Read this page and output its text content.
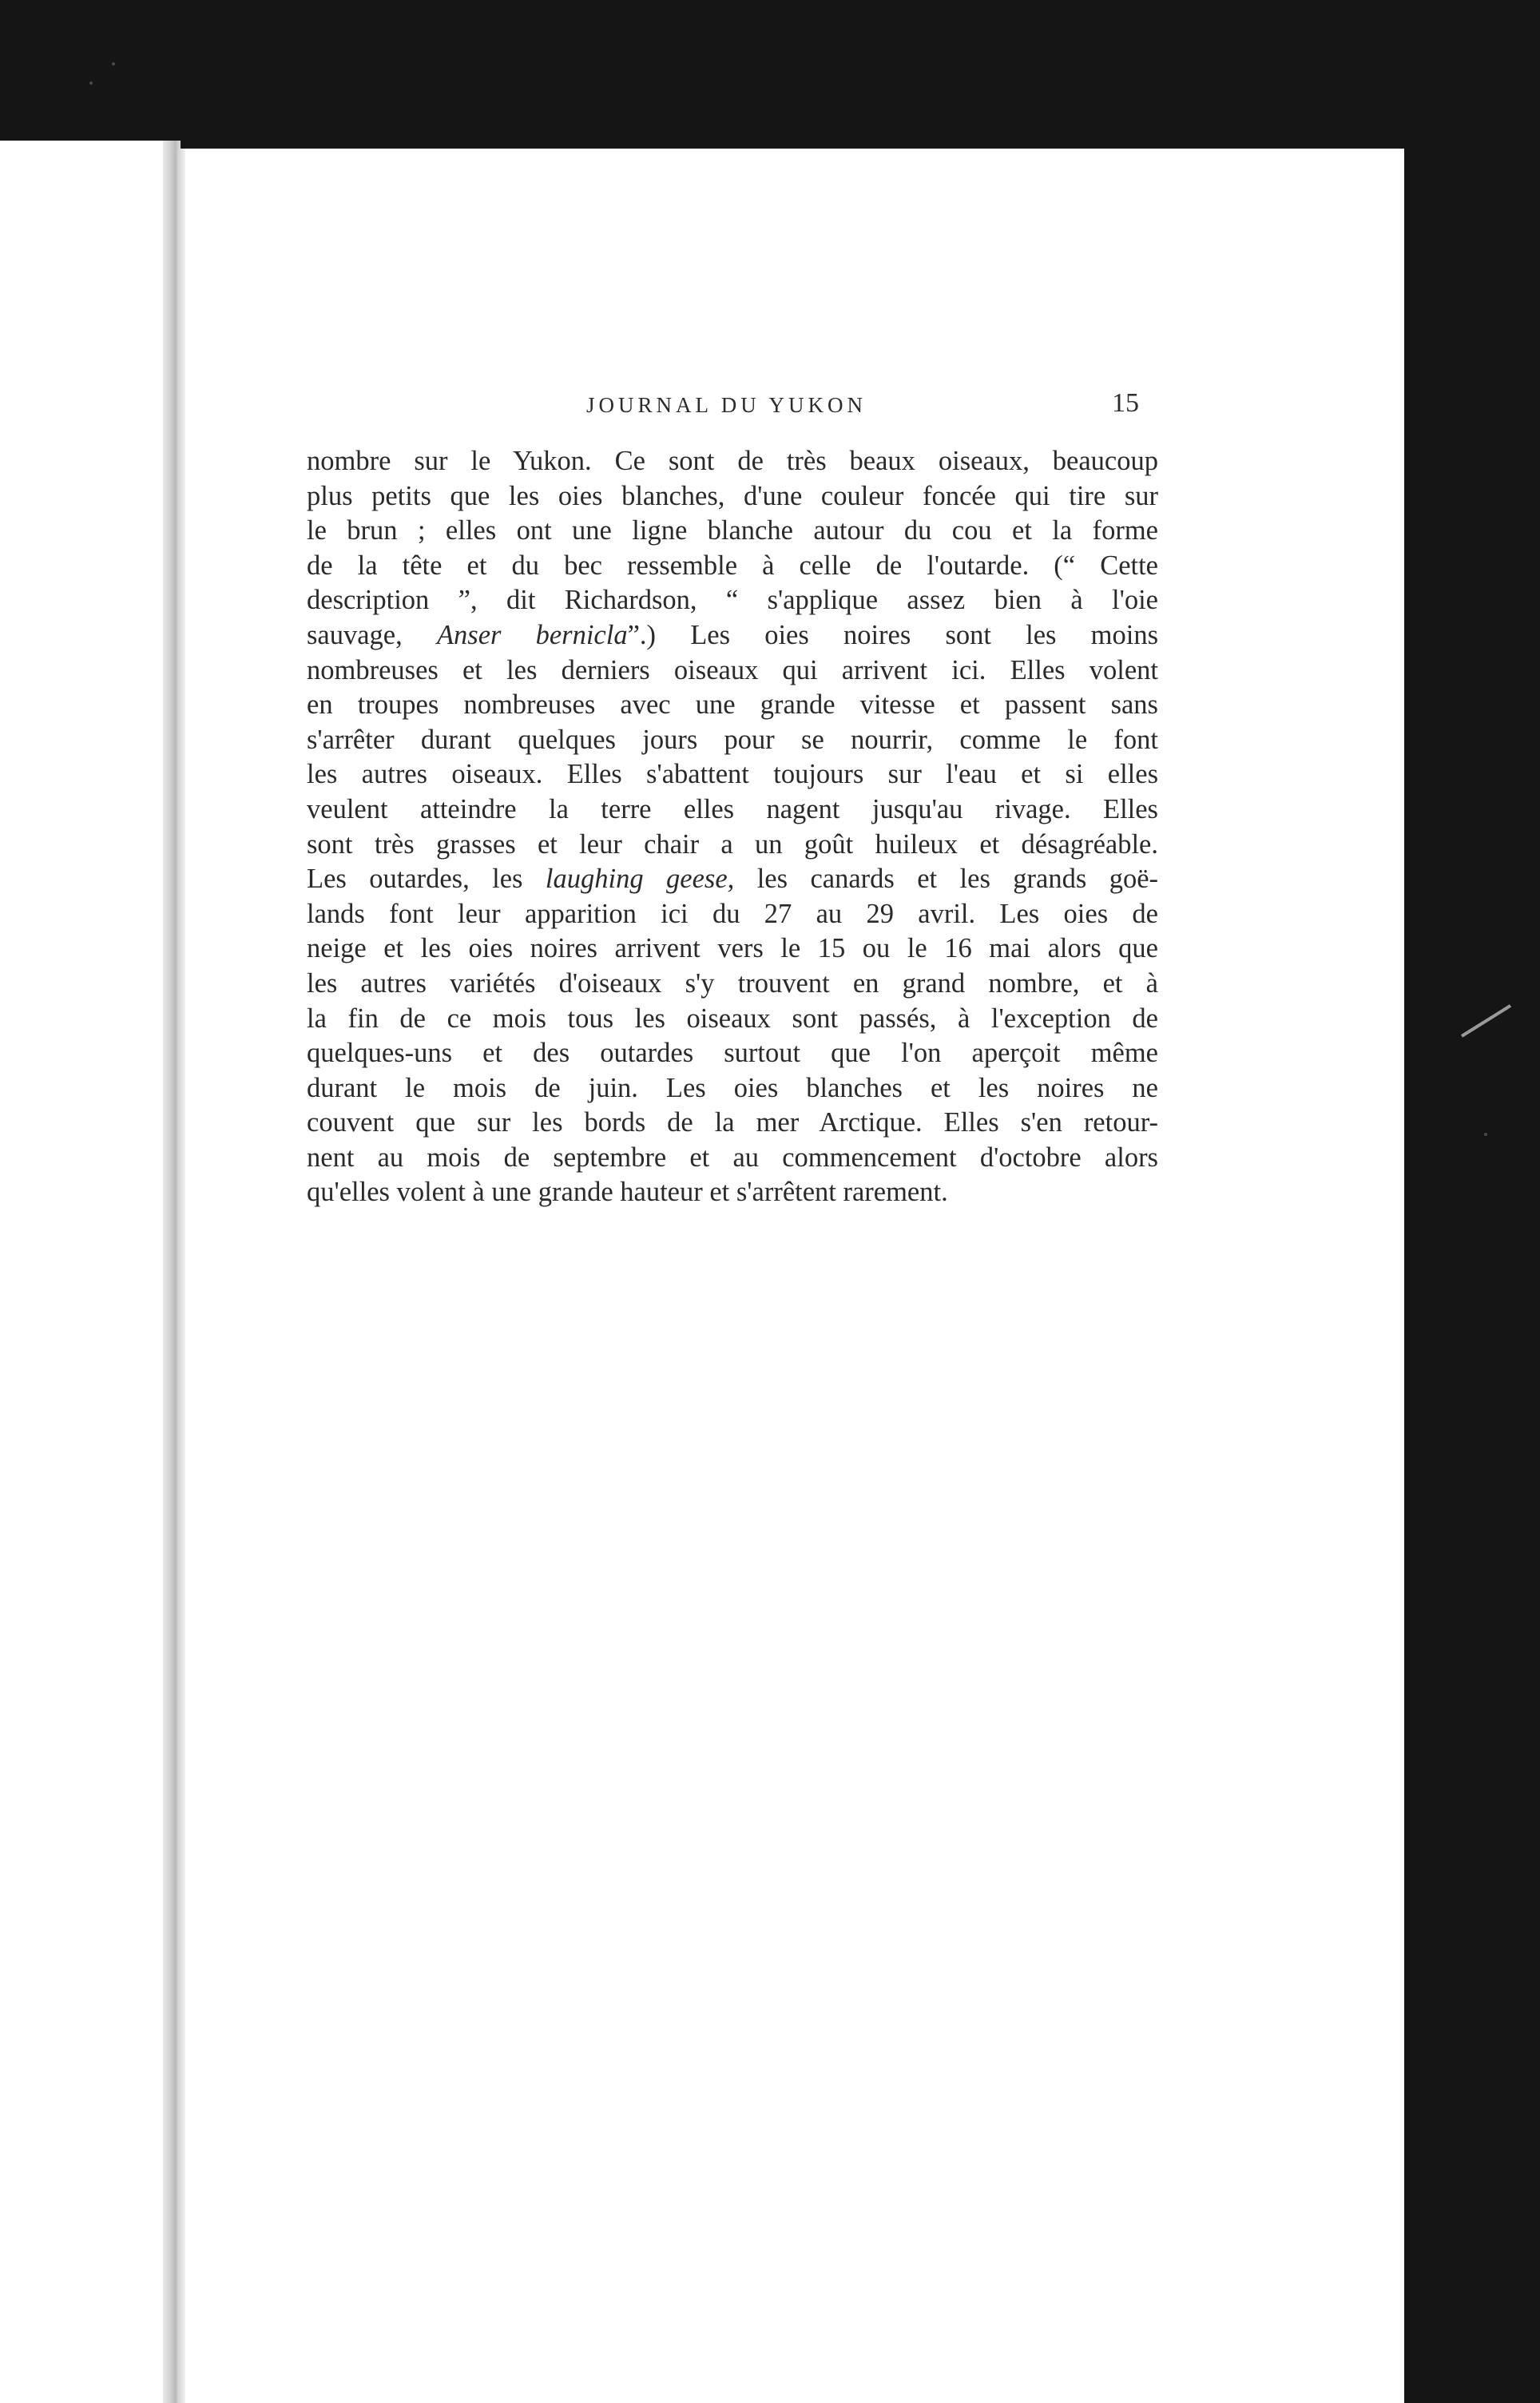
JOURNAL DU YUKON	15
nombre sur le Yukon. Ce sont de très beaux oiseaux, beaucoup
plus petits que les oies blanches, d'une couleur foncée qui tire sur
le brun ; elles ont une ligne blanche autour du cou et la forme
de la tête et du bec ressemble à celle de l'outarde. (“ Cette
description ”, dit Richardson, “ s'applique assez bien à l'oie
sauvage, Anser bernicla”.) Les oies noires sont les moins
nombreuses et les derniers oiseaux qui arrivent ici. Elles volent
en troupes nombreuses avec une grande vitesse et passent sans
s'arrêter durant quelques jours pour se nourrir, comme le font
les autres oiseaux. Elles s'abattent toujours sur l'eau et si elles
veulent atteindre la terre elles nagent jusqu'au rivage. Elles
sont très grasses et leur chair a un goût huileux et désagréable.
Les outardes, les laughing geese, les canards et les grands goë-
lands font leur apparition ici du 27 au 29 avril. Les oies de
neige et les oies noires arrivent vers le 15 ou le 16 mai alors que
les autres variétés d'oiseaux s'y trouvent en grand nombre, et à
la fin de ce mois tous les oiseaux sont passés, à l'exception de
quelques-uns et des outardes surtout que l'on aperçoit même
durant le mois de juin. Les oies blanches et les noires ne
couvent que sur les bords de la mer Arctique. Elles s'en retour-
nent au mois de septembre et au commencement d'octobre alors
qu'elles volent à une grande hauteur et s'arrêtent rarement.
